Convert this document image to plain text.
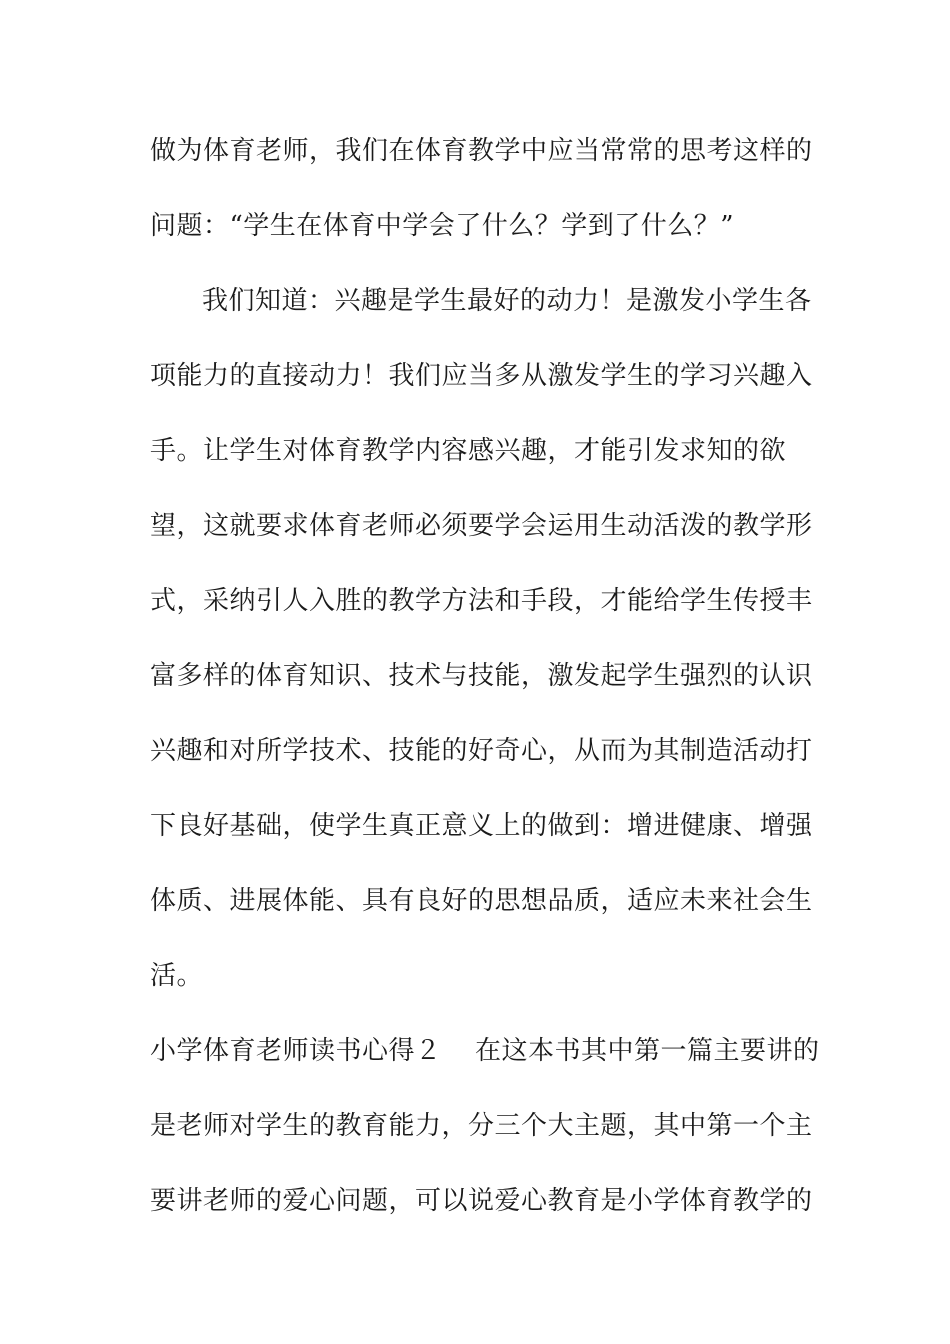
做为体育老师，我们在体育教学中应当常常的思考这样的
问题：“学生在体育中学会了什么？学到了什么？”
我们知道：兴趣是学生最好的动力！是激发小学生各
项能力的直接动力！我们应当多从激发学生的学习兴趣入
手。让学生对体育教学内容感兴趣，才能引发求知的欲
望，这就要求体育老师必须要学会运用生动活泼的教学形
式，采纳引人入胜的教学方法和手段，才能给学生传授丰
富多样的体育知识、技术与技能，激发起学生强烈的认识
兴趣和对所学技术、技能的好奇心，从而为其制造活动打
下良好基础，使学生真正意义上的做到：增进健康、增强
体质、进展体能、具有良好的思想品质，适应未来社会生
活。
小学体育老师读书心得２ 在这本书其中第一篇主要讲的
是老师对学生的教育能力，分三个大主题，其中第一个主
要讲老师的爱心问题，可以说爱心教育是小学体育教学的
